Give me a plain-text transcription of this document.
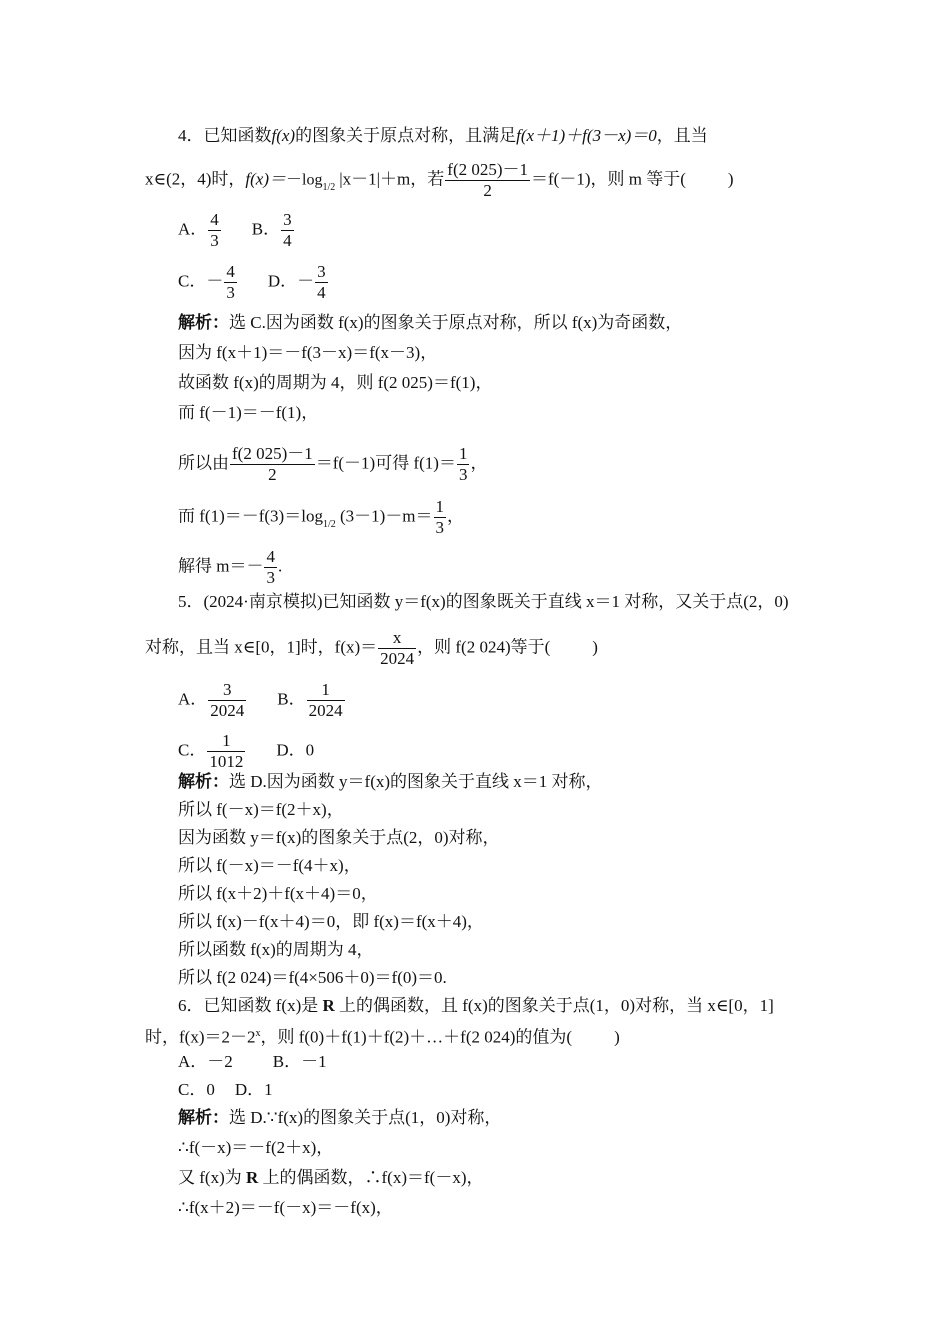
4．已知函数f(x)的图象关于原点对称，且满足f(x＋1)＋f(3－x)＝0，且当
x∈(2，4)时，$f(x)=-\log_{1/2}$ |x－1|＋m，若 $\frac{f(2 025)-1}{2} =f(-1)$，则 m 等于( )
A． $\frac{4}{3}$ B． $\frac{3}{4}$
C．－ $\frac{4}{3}$ D．－ $\frac{3}{4}$
解析：选 C.因为函数 f(x)的图象关于原点对称，所以 f(x)为奇函数，
因为 f(x＋1)＝－f(3－x)＝f(x－3)，
故函数 f(x)的周期为 4，则 f(2 025)＝f(1)，
而 f(－1)＝－f(1)，
所以由 $\frac{f(2 025)-1}{2} =f(-1)$可得 $f(1)= \frac{1}{3}$ ，
而 $f(1)=-f(3)=\log_{1/2}$ $(3-1)-m= \frac{1}{3}$ ，
解得 $m=- \frac{4}{3}$ .
5．(2024·南京模拟)已知函数 y＝f(x)的图象既关于直线 x＝1 对称，又关于点(2，0)
对称，且当 x∈[0，1]时，$f(x)= \frac{x}{2024}$ ，则 f(2 024)等于( )
A． $\frac{3}{2024}$ B． $\frac{1}{2024}$
C． $\frac{1}{1012}$ D．0
解析：选 D.因为函数 y＝f(x)的图象关于直线 x＝1 对称，
所以 f(－x)＝f(2＋x)，
因为函数 y＝f(x)的图象关于点(2，0)对称，
所以 f(－x)＝－f(4＋x)，
所以 f(x＋2)＋f(x＋4)＝0，
所以 f(x)－f(x＋4)＝0，即 f(x)＝f(x＋4)，
所以函数 f(x)的周期为 4，
所以 f(2 024)＝f(4×506＋0)＝f(0)＝0.
6．已知函数 f(x)是 R 上的偶函数，且 f(x)的图象关于点(1，0)对称，当 x∈[0，1]
时，$f(x)=2-2^x$，则 f(0)＋f(1)＋f(2)＋…＋f(2 024)的值为( )
A．－2 B．－1
C．0 D．1
解析：选 D.∵f(x)的图象关于点(1，0)对称，
∴f(－x)＝－f(2＋x)，
又 f(x)为 R 上的偶函数，∴f(x)＝f(－x)，
∴f(x＋2)＝－f(－x)＝－f(x)，
